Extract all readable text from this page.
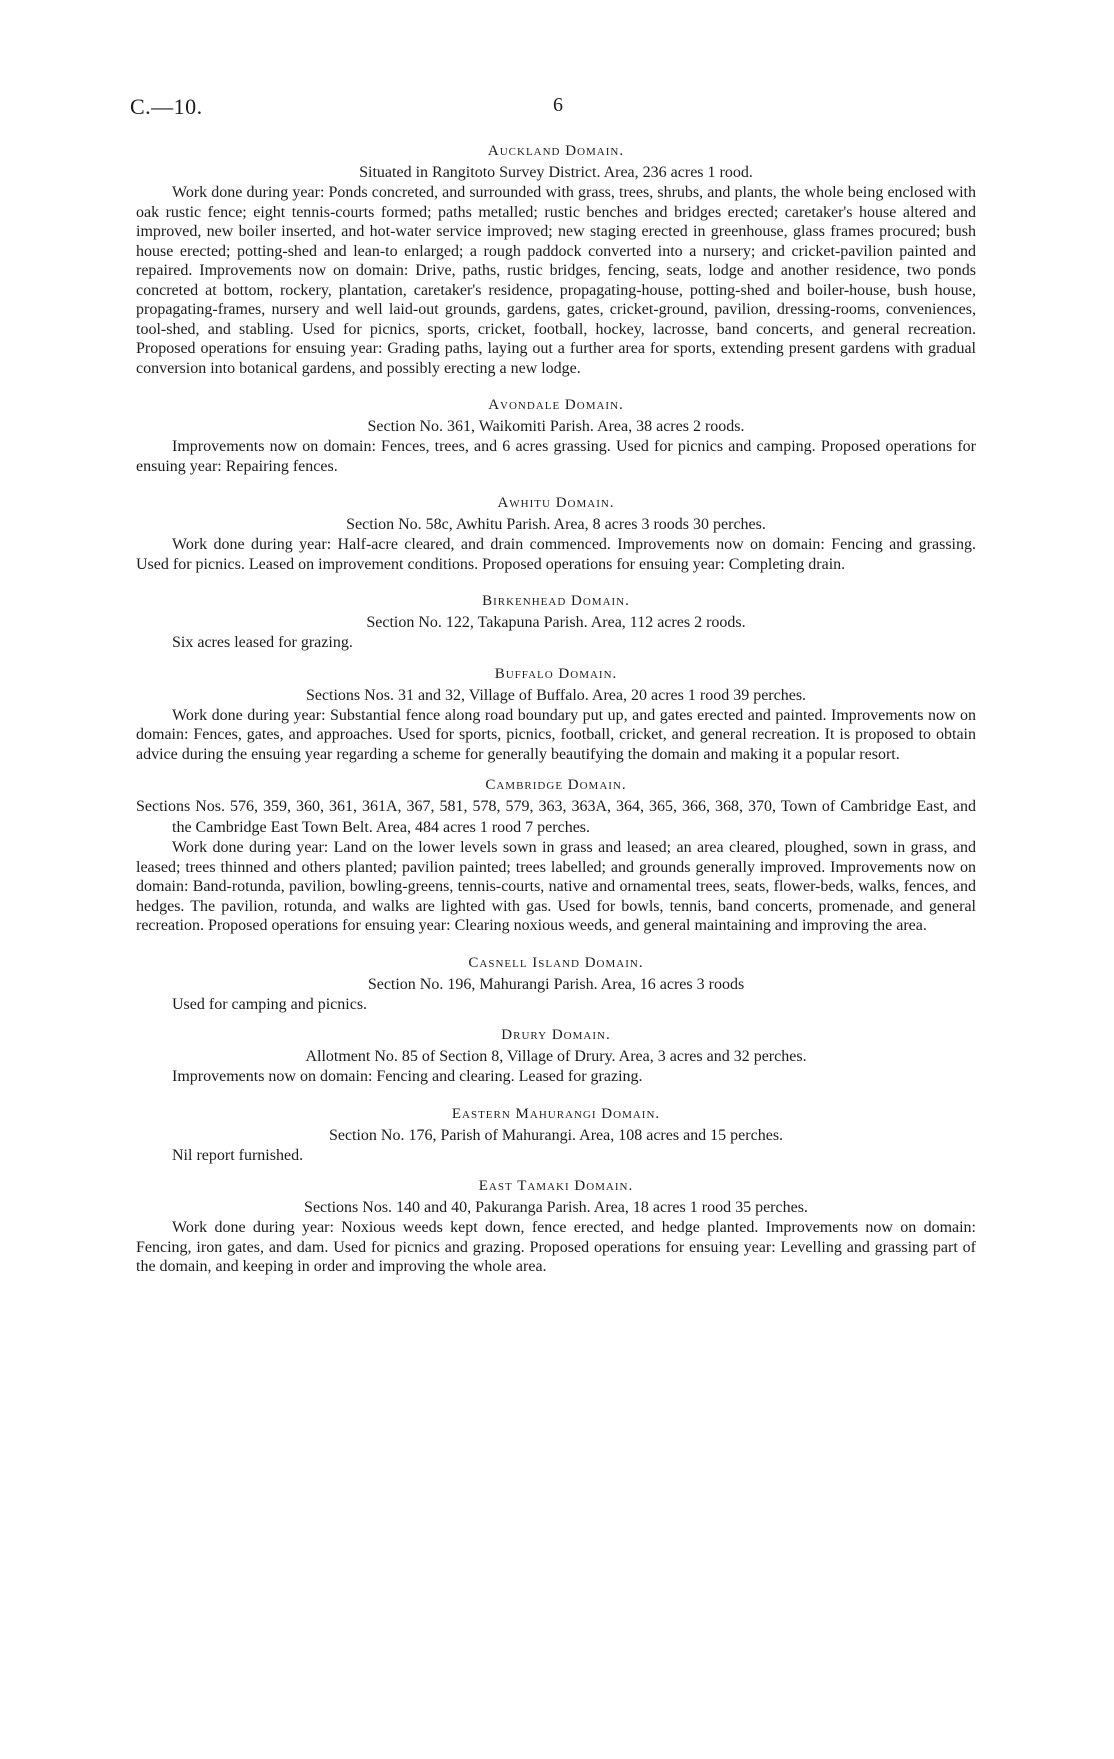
C.—10.	6
Auckland Domain.
Situated in Rangitoto Survey District. Area, 236 acres 1 rood.

Work done during year: Ponds concreted, and surrounded with grass, trees, shrubs, and plants, the whole being enclosed with oak rustic fence; eight tennis-courts formed; paths metalled; rustic benches and bridges erected; caretaker's house altered and improved, new boiler inserted, and hot-water service improved; new staging erected in greenhouse, glass frames procured; bush house erected; potting-shed and lean-to enlarged; a rough paddock converted into a nursery; and cricket-pavilion painted and repaired. Improvements now on domain: Drive, paths, rustic bridges, fencing, seats, lodge and another residence, two ponds concreted at bottom, rockery, plantation, caretaker's residence, propagating-house, potting-shed and boiler-house, bush house, propagating-frames, nursery and well laid-out grounds, gardens, gates, cricket-ground, pavilion, dressing-rooms, conveniences, tool-shed, and stabling. Used for picnics, sports, cricket, football, hockey, lacrosse, band concerts, and general recreation. Proposed operations for ensuing year: Grading paths, laying out a further area for sports, extending present gardens with gradual conversion into botanical gardens, and possibly erecting a new lodge.

Avondale Domain.
Section No. 361, Waikomiti Parish. Area, 38 acres 2 roods.

Improvements now on domain: Fences, trees, and 6 acres grassing. Used for picnics and camping. Proposed operations for ensuing year: Repairing fences.

Awhitu Domain.
Section No. 58c, Awhitu Parish. Area, 8 acres 3 roods 30 perches.

Work done during year: Half-acre cleared, and drain commenced. Improvements now on domain: Fencing and grassing. Used for picnics. Leased on improvement conditions. Proposed operations for ensuing year: Completing drain.

Birkenhead Domain.
Section No. 122, Takapuna Parish. Area, 112 acres 2 roods.

Six acres leased for grazing.

Buffalo Domain.
Sections Nos. 31 and 32, Village of Buffalo. Area, 20 acres 1 rood 39 perches.

Work done during year: Substantial fence along road boundary put up, and gates erected and painted. Improvements now on domain: Fences, gates, and approaches. Used for sports, picnics, football, cricket, and general recreation. It is proposed to obtain advice during the ensuing year regarding a scheme for generally beautifying the domain and making it a popular resort.

Cambridge Domain.
Sections Nos. 576, 359, 360, 361, 361A, 367, 581, 578, 579, 363, 363A, 364, 365, 366, 368, 370, Town of Cambridge East, and the Cambridge East Town Belt. Area, 484 acres 1 rood 7 perches.

Work done during year: Land on the lower levels sown in grass and leased; an area cleared, ploughed, sown in grass, and leased; trees thinned and others planted; pavilion painted; trees labelled; and grounds generally improved. Improvements now on domain: Band-rotunda, pavilion, bowling-greens, tennis-courts, native and ornamental trees, seats, flower-beds, walks, fences, and hedges. The pavilion, rotunda, and walks are lighted with gas. Used for bowls, tennis, band concerts, promenade, and general recreation. Proposed operations for ensuing year: Clearing noxious weeds, and general maintaining and improving the area.

Casnell Island Domain.
Section No. 196, Mahurangi Parish. Area, 16 acres 3 roods

Used for camping and picnics.

Drury Domain.
Allotment No. 85 of Section 8, Village of Drury. Area, 3 acres and 32 perches.

Improvements now on domain: Fencing and clearing. Leased for grazing.

Eastern Mahurangi Domain.
Section No. 176, Parish of Mahurangi. Area, 108 acres and 15 perches.

Nil report furnished.

East Tamaki Domain.
Sections Nos. 140 and 40, Pakuranga Parish. Area, 18 acres 1 rood 35 perches.

Work done during year: Noxious weeds kept down, fence erected, and hedge planted. Improvements now on domain: Fencing, iron gates, and dam. Used for picnics and grazing. Proposed operations for ensuing year: Levelling and grassing part of the domain, and keeping in order and improving the whole area.
